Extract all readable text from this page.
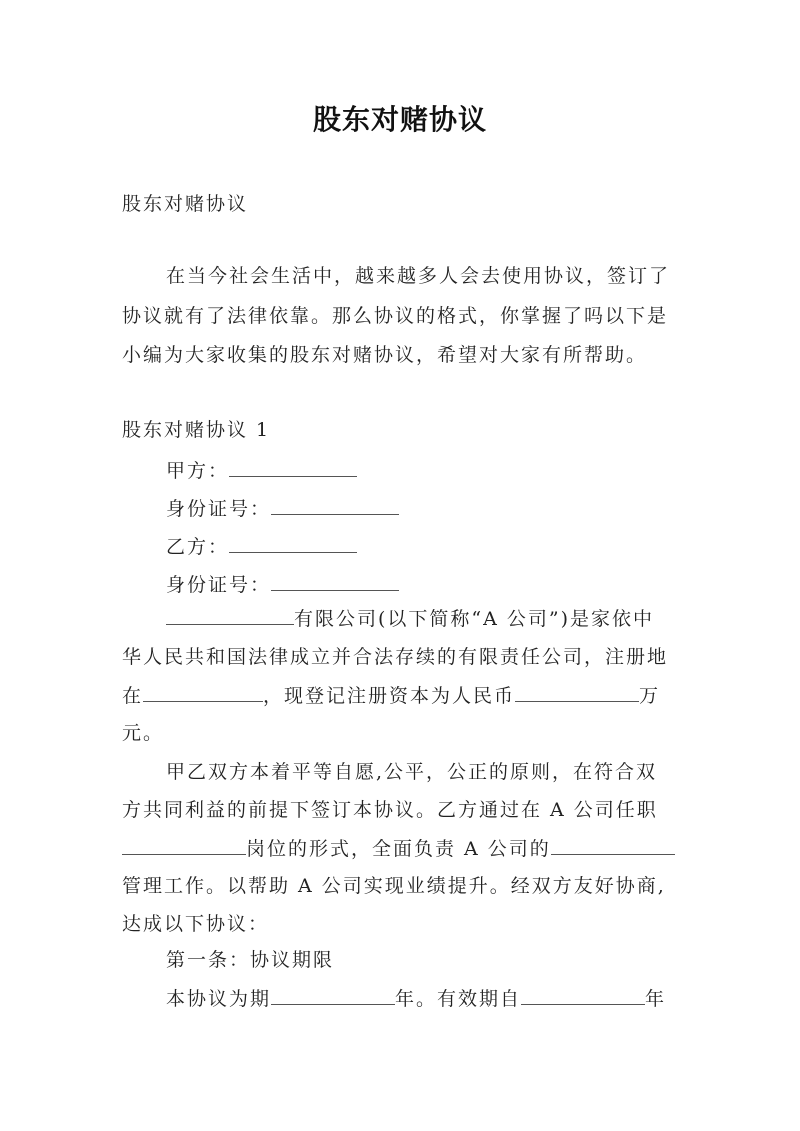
股东对赌协议
股东对赌协议
在当今社会生活中，越来越多人会去使用协议，签订了
协议就有了法律依靠。那么协议的格式，你掌握了吗以下是
小编为大家收集的股东对赌协议，希望对大家有所帮助。
股东对赌协议 1
甲方：
身份证号：
乙方：
身份证号：
有限公司(以下简称“A 公司”)是家依中
华人民共和国法律成立并合法存续的有限责任公司，注册地
在	，现登记注册资本为人民币	万
元。
甲乙双方本着平等自愿,公平，公正的原则，在符合双
方共同利益的前提下签订本协议。乙方通过在 A 公司任职
岗位的形式，全面负责 A 公司的
管理工作。以帮助 A 公司实现业绩提升。经双方友好协商,
达成以下协议：
第一条：协议期限
本协议为期	年。有效期自	年
